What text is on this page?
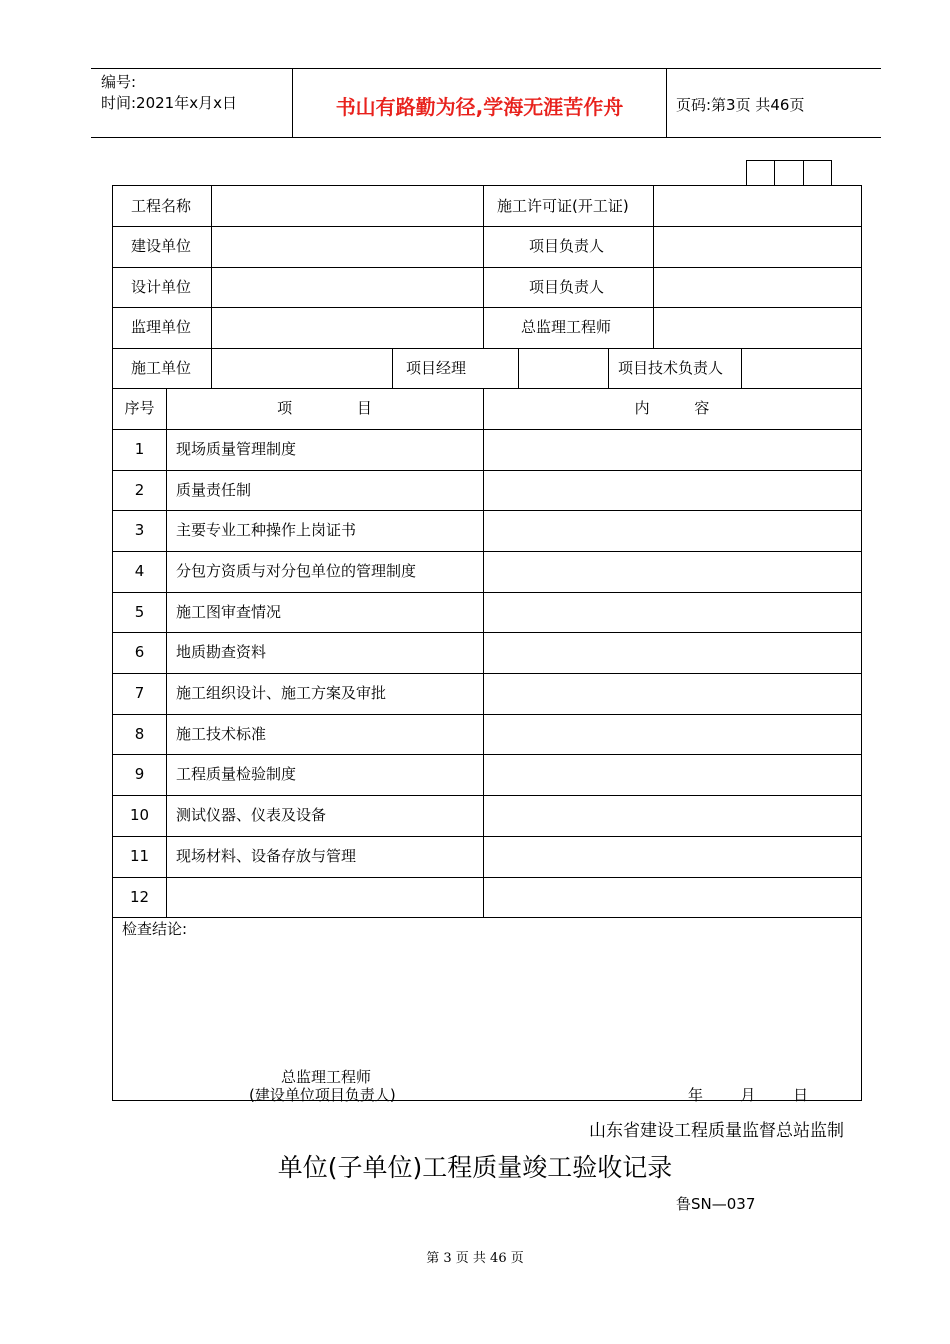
编号:
时间:2021年x月x日	书山有路勤为径,学海无涯苦作舟	页码:第3页 共46页
工程名称	施工许可证(开工证)
建设单位	项目负责人
设计单位	项目负责人
监理单位	总监理工程师
施工单位	项目经理	项目技术负责人
序号	项 目	内 容
1	现场质量管理制度
2	质量责任制
3	主要专业工种操作上岗证书
4	分包方资质与对分包单位的管理制度
5	施工图审查情况
6	地质勘查资料
7	施工组织设计、施工方案及审批
8	施工技术标准
9	工程质量检验制度
10	测试仪器、仪表及设备
11	现场材料、设备存放与管理
12
检查结论:
总监理工程师
(建设单位项目负责人)	年  月  日
山东省建设工程质量监督总站监制
单位(子单位)工程质量竣工验收记录
鲁SN—037
第 3 页 共 46 页
